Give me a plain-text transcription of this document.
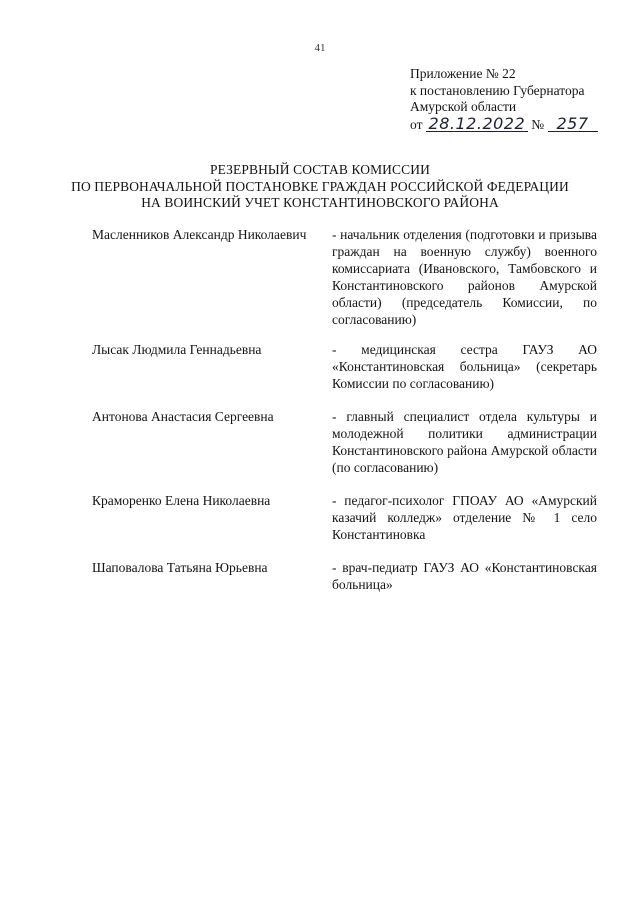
41
Приложение № 22
к постановлению Губернатора
Амурской области
от 28.12.2022 № 257
РЕЗЕРВНЫЙ СОСТАВ КОМИССИИ
ПО ПЕРВОНАЧАЛЬНОЙ ПОСТАНОВКЕ ГРАЖДАН РОССИЙСКОЙ ФЕДЕРАЦИИ
НА ВОИНСКИЙ УЧЕТ КОНСТАНТИНОВСКОГО РАЙОНА
Масленников Александр Николаевич	- начальник отделения (подготовки и призыва граждан на военную службу) военного комиссариата (Ивановского, Тамбовского и Константиновского районов Амурской области) (председатель Комиссии, по согласованию)
Лысак Людмила Геннадьевна	- медицинская сестра ГАУЗ АО «Константиновская больница» (секретарь Комиссии по согласованию)
Антонова Анастасия Сергеевна	- главный специалист отдела культуры и молодежной политики администрации Константиновского района Амурской области (по согласованию)
Краморенко Елена Николаевна	- педагог-психолог ГПОАУ АО «Амурский казачий колледж» отделение № 1 село Константиновка
Шаповалова Татьяна Юрьевна	- врач-педиатр ГАУЗ АО «Константиновская больница»
